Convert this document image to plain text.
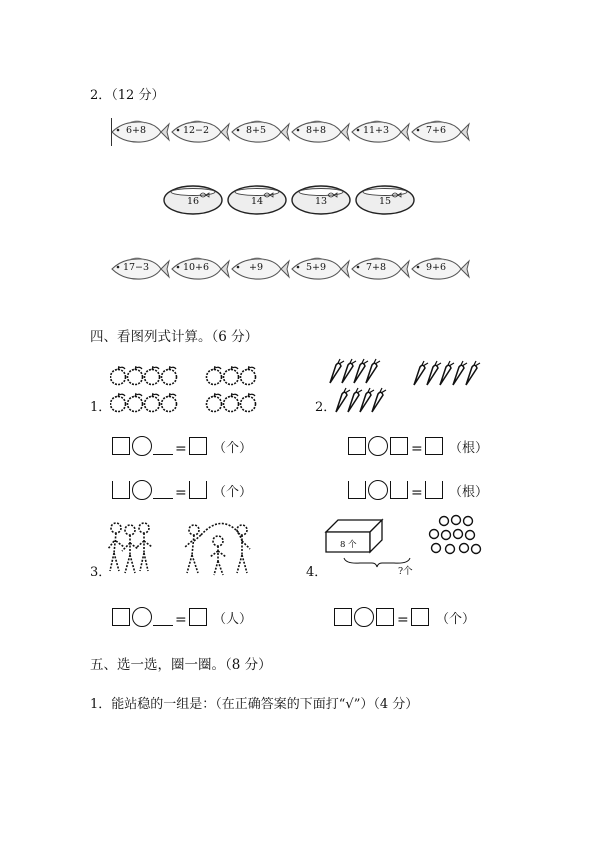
2．（12 分）
6+8	12−2	8+5	8+8	11+3	7+6
16	14	13	15
17−3	10+6	+9	5+9	7+8	9+6
四、看图列式计算。（6 分）
1．	2．
= （个）
= （个）
= （根）
= （根）
3．
8 个
?个
4．
= （人）	= （个）
五、选一选，圈一圈。（8 分）
1．能站稳的一组是：（在正确答案的下面打“√”）（4 分）
